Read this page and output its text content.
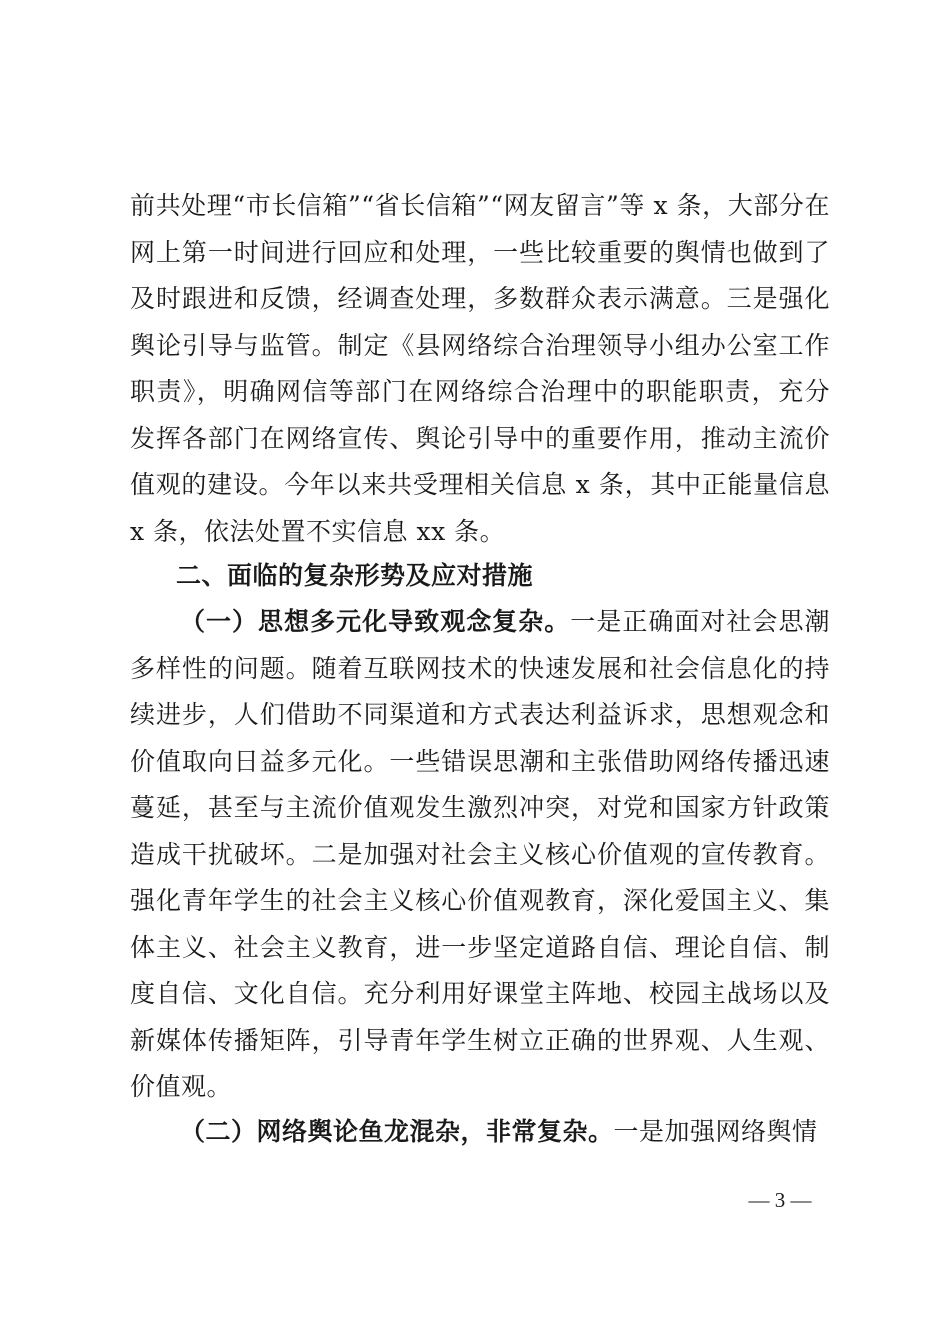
前共处理“市长信箱”“省长信箱”“网友留言”等 x 条，大部分在网上第一时间进行回应和处理，一些比较重要的舆情也做到了及时跟进和反馈，经调查处理，多数群众表示满意。三是强化舆论引导与监管。制定《县网络综合治理领导小组办公室工作职责》，明确网信等部门在网络综合治理中的职能职责，充分发挥各部门在网络宣传、舆论引导中的重要作用，推动主流价值观的建设。今年以来共受理相关信息 x 条，其中正能量信息 x 条，依法处置不实信息 xx 条。

二、面临的复杂形势及应对措施

（一）思想多元化导致观念复杂。一是正确面对社会思潮多样性的问题。随着互联网技术的快速发展和社会信息化的持续进步，人们借助不同渠道和方式表达利益诉求，思想观念和价值取向日益多元化。一些错误思潮和主张借助网络传播迅速蔓延，甚至与主流价值观发生激烈冲突，对党和国家方针政策造成干扰破坏。二是加强对社会主义核心价值观的宣传教育。强化青年学生的社会主义核心价值观教育，深化爱国主义、集体主义、社会主义教育，进一步坚定道路自信、理论自信、制度自信、文化自信。充分利用好课堂主阵地、校园主战场以及新媒体传播矩阵，引导青年学生树立正确的世界观、人生观、价值观。

（二）网络舆论鱼龙混杂，非常复杂。一是加强网络舆情

— 3 —
